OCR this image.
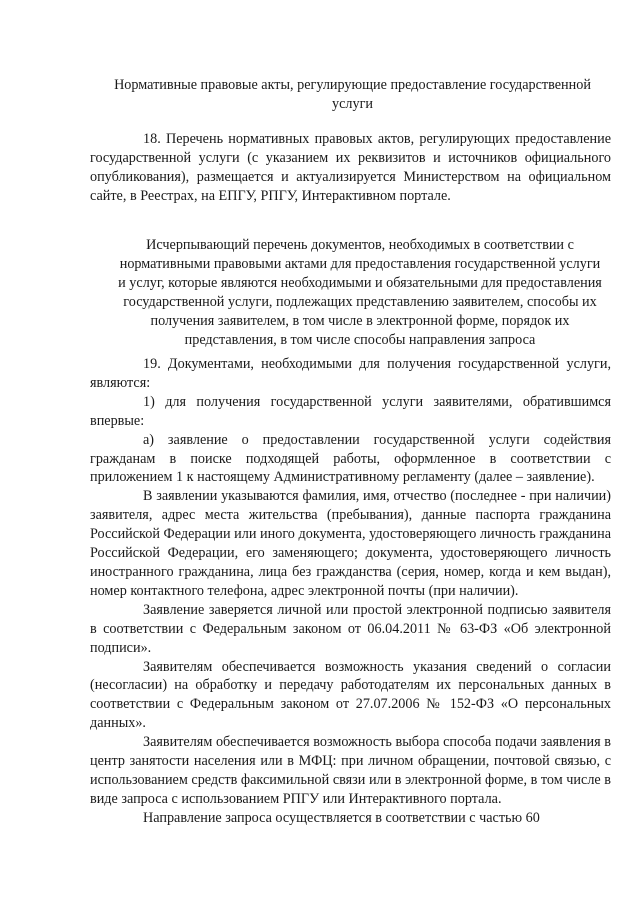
Нормативные правовые акты, регулирующие предоставление государственной услуги

18. Перечень нормативных правовых актов, регулирующих предоставление государственной услуги (с указанием их реквизитов и источников официального опубликования), размещается и актуализируется Министерством на официальном сайте, в Реестрах, на ЕПГУ, РПГУ, Интерактивном портале.

Исчерпывающий перечень документов, необходимых в соответствии с нормативными правовыми актами для предоставления государственной услуги и услуг, которые являются необходимыми и обязательными для предоставления государственной услуги, подлежащих представлению заявителем, способы их получения заявителем, в том числе в электронной форме, порядок их представления, в том числе способы направления запроса

19. Документами, необходимыми для получения государственной услуги, являются:

1) для получения государственной услуги заявителями, обратившимся впервые:

а) заявление о предоставлении государственной услуги содействия гражданам в поиске подходящей работы, оформленное в соответствии с приложением 1 к настоящему Административному регламенту (далее – заявление).

В заявлении указываются фамилия, имя, отчество (последнее - при наличии) заявителя, адрес места жительства (пребывания), данные паспорта гражданина Российской Федерации или иного документа, удостоверяющего личность гражданина Российской Федерации, его заменяющего; документа, удостоверяющего личность иностранного гражданина, лица без гражданства (серия, номер, когда и кем выдан), номер контактного телефона, адрес электронной почты (при наличии).

Заявление заверяется личной или простой электронной подписью заявителя в соответствии с Федеральным законом от 06.04.2011 № 63-ФЗ «Об электронной подписи».

Заявителям обеспечивается возможность указания сведений о согласии (несогласии) на обработку и передачу работодателям их персональных данных в соответствии с Федеральным законом от 27.07.2006 № 152-ФЗ «О персональных данных».

Заявителям обеспечивается возможность выбора способа подачи заявления в центр занятости населения или в МФЦ: при личном обращении, почтовой связью, с использованием средств факсимильной связи или в электронной форме, в том числе в виде запроса с использованием РПГУ или Интерактивного портала.

Направление запроса осуществляется в соответствии с частью 60
